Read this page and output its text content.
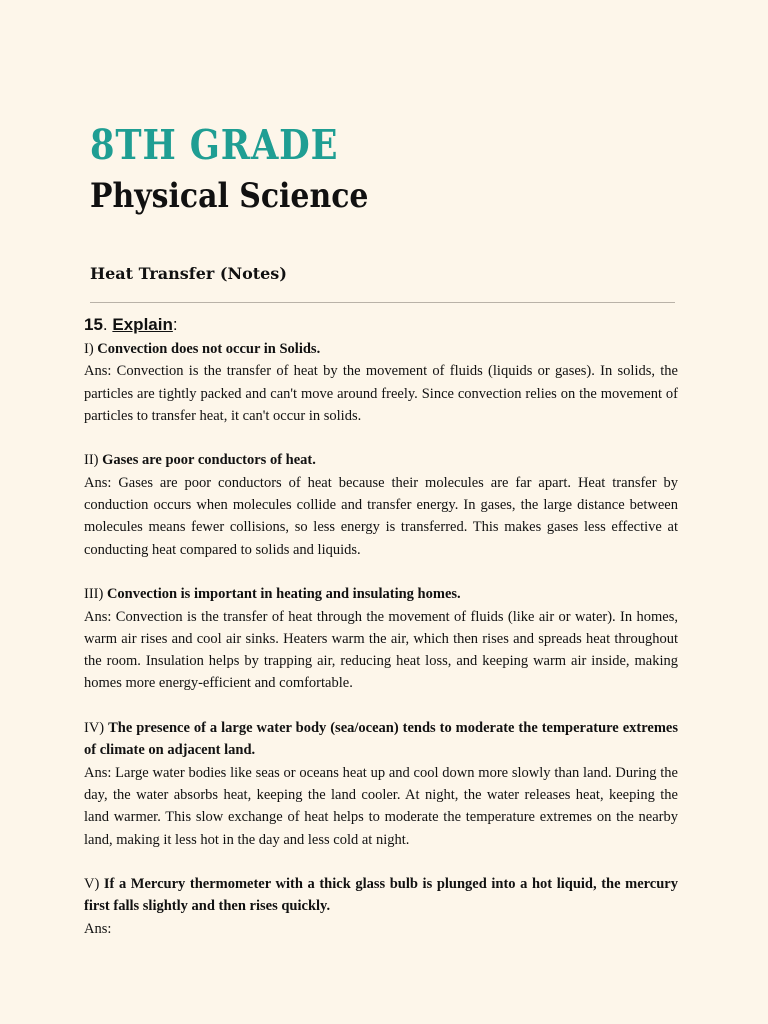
8TH GRADE
Physical Science
Heat Transfer (Notes)
15. Explain:

I) Convection does not occur in Solids.

Ans: Convection is the transfer of heat by the movement of fluids (liquids or gases). In solids, the particles are tightly packed and can't move around freely. Since convection relies on the movement of particles to transfer heat, it can't occur in solids.

II) Gases are poor conductors of heat.

Ans: Gases are poor conductors of heat because their molecules are far apart. Heat transfer by conduction occurs when molecules collide and transfer energy. In gases, the large distance between molecules means fewer collisions, so less energy is transferred. This makes gases less effective at conducting heat compared to solids and liquids.

III) Convection is important in heating and insulating homes.

Ans: Convection is the transfer of heat through the movement of fluids (like air or water). In homes, warm air rises and cool air sinks. Heaters warm the air, which then rises and spreads heat throughout the room. Insulation helps by trapping air, reducing heat loss, and keeping warm air inside, making homes more energy-efficient and comfortable.

IV) The presence of a large water body (sea/ocean) tends to moderate the temperature extremes of climate on adjacent land.

Ans: Large water bodies like seas or oceans heat up and cool down more slowly than land. During the day, the water absorbs heat, keeping the land cooler. At night, the water releases heat, keeping the land warmer. This slow exchange of heat helps to moderate the temperature extremes on the nearby land, making it less hot in the day and less cold at night.

V) If a Mercury thermometer with a thick glass bulb is plunged into a hot liquid, the mercury first falls slightly and then rises quickly.

Ans:
